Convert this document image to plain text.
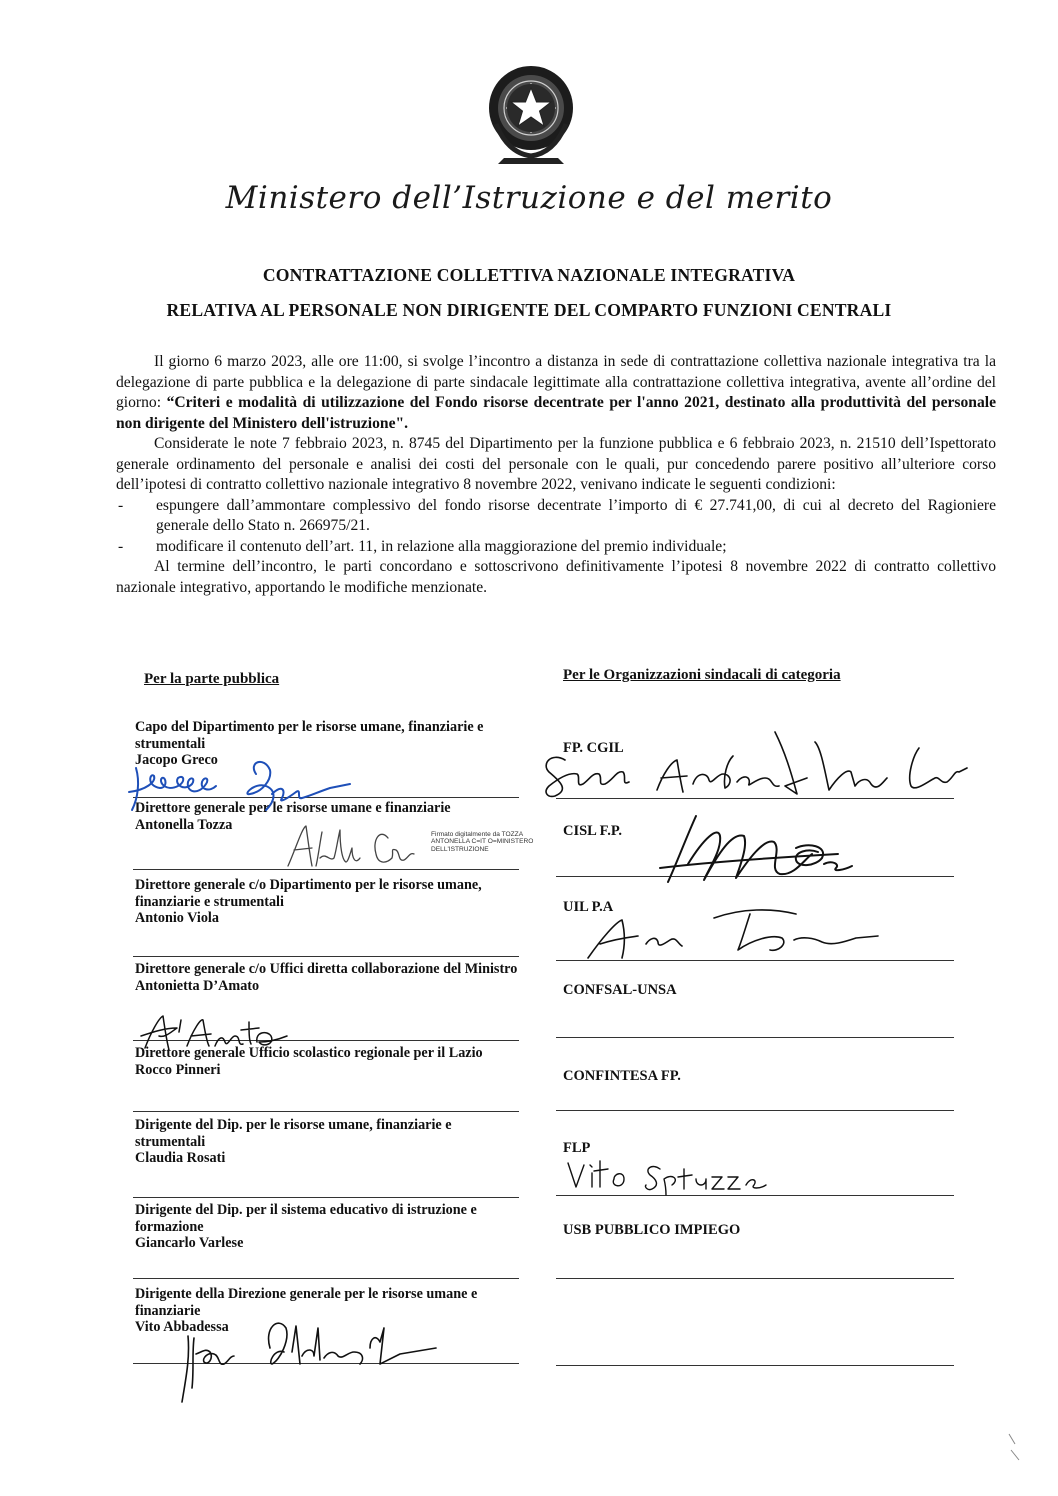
Ministero dell’Istruzione e del merito
CONTRATTAZIONE COLLETTIVA NAZIONALE INTEGRATIVA
RELATIVA AL PERSONALE NON DIRIGENTE DEL COMPARTO FUNZIONI CENTRALI

Il giorno 6 marzo 2023, alle ore 11:00, si svolge l’incontro a distanza in sede di contrattazione collettiva nazionale integrativa tra la delegazione di parte pubblica e la delegazione di parte sindacale legittimate alla contrattazione collettiva integrativa, avente all’ordine del giorno: “Criteri e modalità di utilizzazione del Fondo risorse decentrate per l'anno 2021, destinato alla produttività del personale non dirigente del Ministero dell'istruzione".

Considerate le note 7 febbraio 2023, n. 8745 del Dipartimento per la funzione pubblica e 6 febbraio 2023, n. 21510 dell’Ispettorato generale ordinamento del personale e analisi dei costi del personale con le quali, pur concedendo parere positivo all’ulteriore corso dell’ipotesi di contratto collettivo nazionale integrativo 8 novembre 2022, venivano indicate le seguenti condizioni:

- espungere dall’ammontare complessivo del fondo risorse decentrate l’importo di € 27.741,00, di cui al decreto del Ragioniere generale dello Stato n. 266975/21.
- modificare il contenuto dell’art. 11, in relazione alla maggiorazione del premio individuale;

Al termine dell’incontro, le parti concordano e sottoscrivono definitivamente l’ipotesi 8 novembre 2022 di contratto collettivo nazionale integrativo, apportando le modifiche menzionate.

Per la parte pubblica	Per le Organizzazioni sindacali di categoria
Capo del Dipartimento per le risorse umane, finanziarie e strumentali
Jacopo Greco
Direttore generale per le risorse umane e finanziarie
Antonella Tozza
Direttore generale c/o Dipartimento per le risorse umane, finanziarie e strumentali
Antonio Viola
Direttore generale c/o Uffici diretta collaborazione del Ministro
Antonietta D’Amato
Direttore generale Ufficio scolastico regionale per il Lazio
Rocco Pinneri
Dirigente del Dip. per le risorse umane, finanziarie e strumentali
Claudia Rosati
Dirigente del Dip. per il sistema educativo di istruzione e formazione
Giancarlo Varlese
Dirigente della Direzione generale per le risorse umane e finanziarie
Vito Abbadessa
FP. CGIL
CISL F.P.
UIL P.A
CONFSAL-UNSA
CONFINTESA FP.
FLP
USB PUBBLICO IMPIEGO
Firmato digitalmente da TOZZA ANTONELLA C=IT O=MINISTERO DELL'ISTRUZIONE
